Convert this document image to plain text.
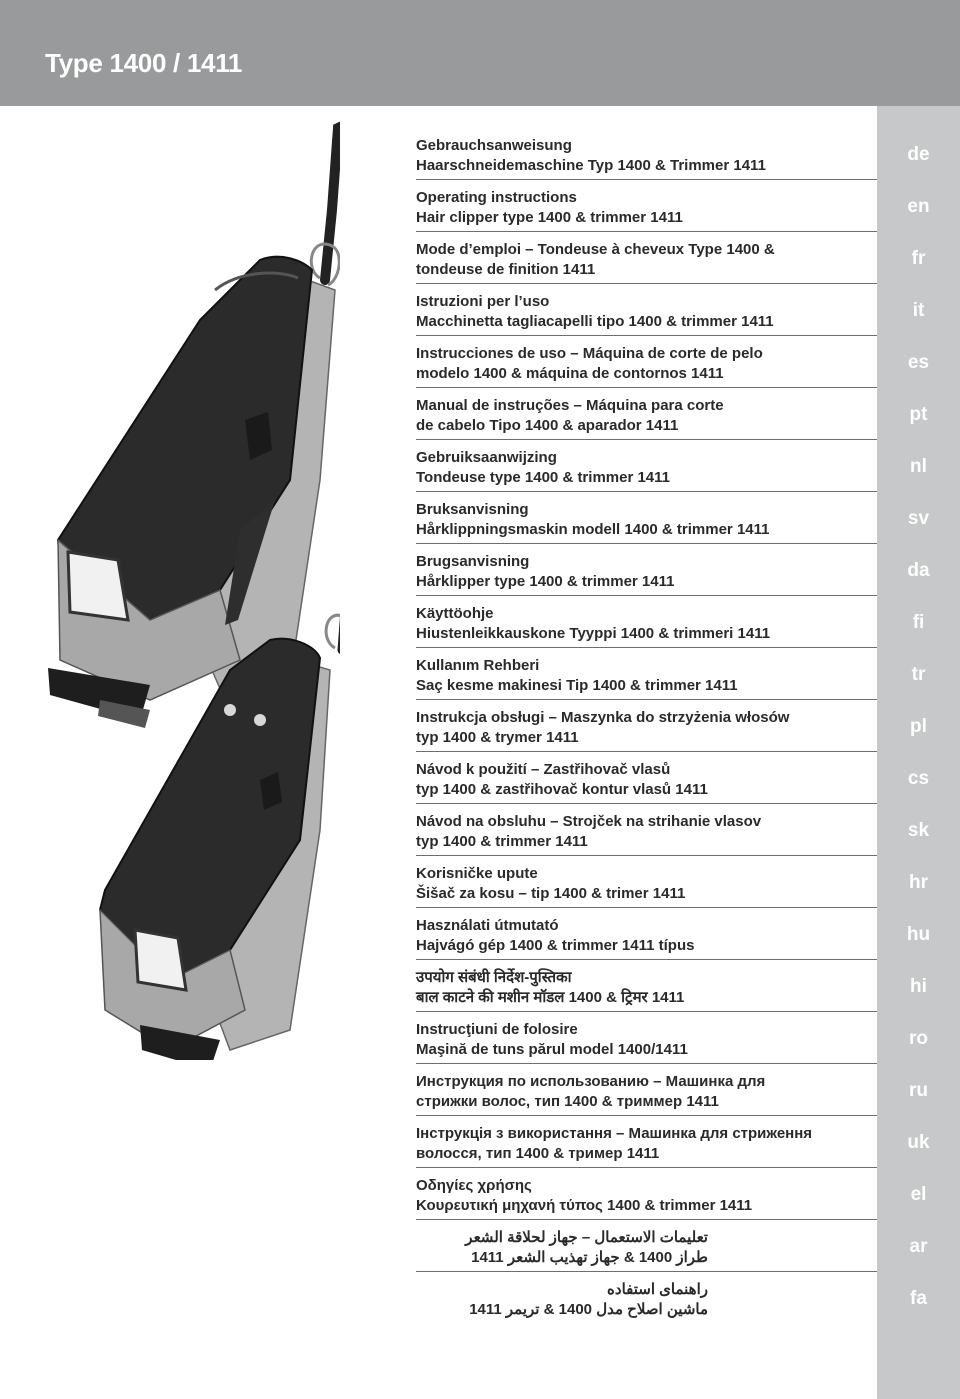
Type 1400 / 1411
de
en
fr
it
es
pt
nl
sv
da
fi
tr
pl
cs
sk
hr
hu
hi
ro
ru
uk
el
ar
fa
Gebrauchsanweisung
Haarschneidemaschine Typ 1400 & Trimmer 1411
Operating instructions
Hair clipper type 1400 & trimmer 1411
Mode d’emploi – Tondeuse à cheveux Type 1400 &
tondeuse de finition 1411
Istruzioni per l’uso
Macchinetta tagliacapelli tipo 1400 & trimmer 1411
Instrucciones de uso – Máquina de corte de pelo
modelo 1400 & máquina de contornos 1411
Manual de instruções – Máquina para corte
de cabelo Tipo 1400 & aparador 1411
Gebruiksaanwijzing
Tondeuse type 1400 & trimmer 1411
Bruksanvisning
Hårklippningsmaskin modell 1400 & trimmer 1411
Brugsanvisning
Hårklipper type 1400 & trimmer 1411
Käyttöohje
Hiustenleikkauskone Tyyppi 1400 & trimmeri 1411
Kullanım Rehberi
Saç kesme makinesi Tip 1400 & trimmer 1411
Instrukcja obsługi – Maszynka do strzyżenia włosów
typ 1400 & trymer 1411
Návod k použití – Zastřihovač vlasů
typ 1400 & zastřihovač kontur vlasů 1411
Návod na obsluhu – Strojček na strihanie vlasov
typ 1400 & trimmer 1411
Korisničke upute
Šišač za kosu – tip 1400 & trimer 1411
Használati útmutató
Hajvágó gép 1400 & trimmer 1411 típus
उपयोग संबंधी निर्देश-पुस्तिका
बाल काटने की मशीन मॉडल 1400 & ट्रिमर 1411
Instrucţiuni de folosire
Maşină de tuns părul model 1400/1411
Инструкция по использованию – Машинка для
стрижки волос, тип 1400 & триммер 1411
Інструкція з використання – Машинка для стриження
волосся, тип 1400 & тример 1411
Οδηγίες χρήσης
Κουρευτική μηχανή τύπος 1400 & trimmer 1411
تعليمات الاستعمال – جهاز لحلاقة الشعر
طراز 1400 & جهاز تهذيب الشعر 1411
راهنمای استفاده
ماشین اصلاح مدل 1400 & تریمر 1411
